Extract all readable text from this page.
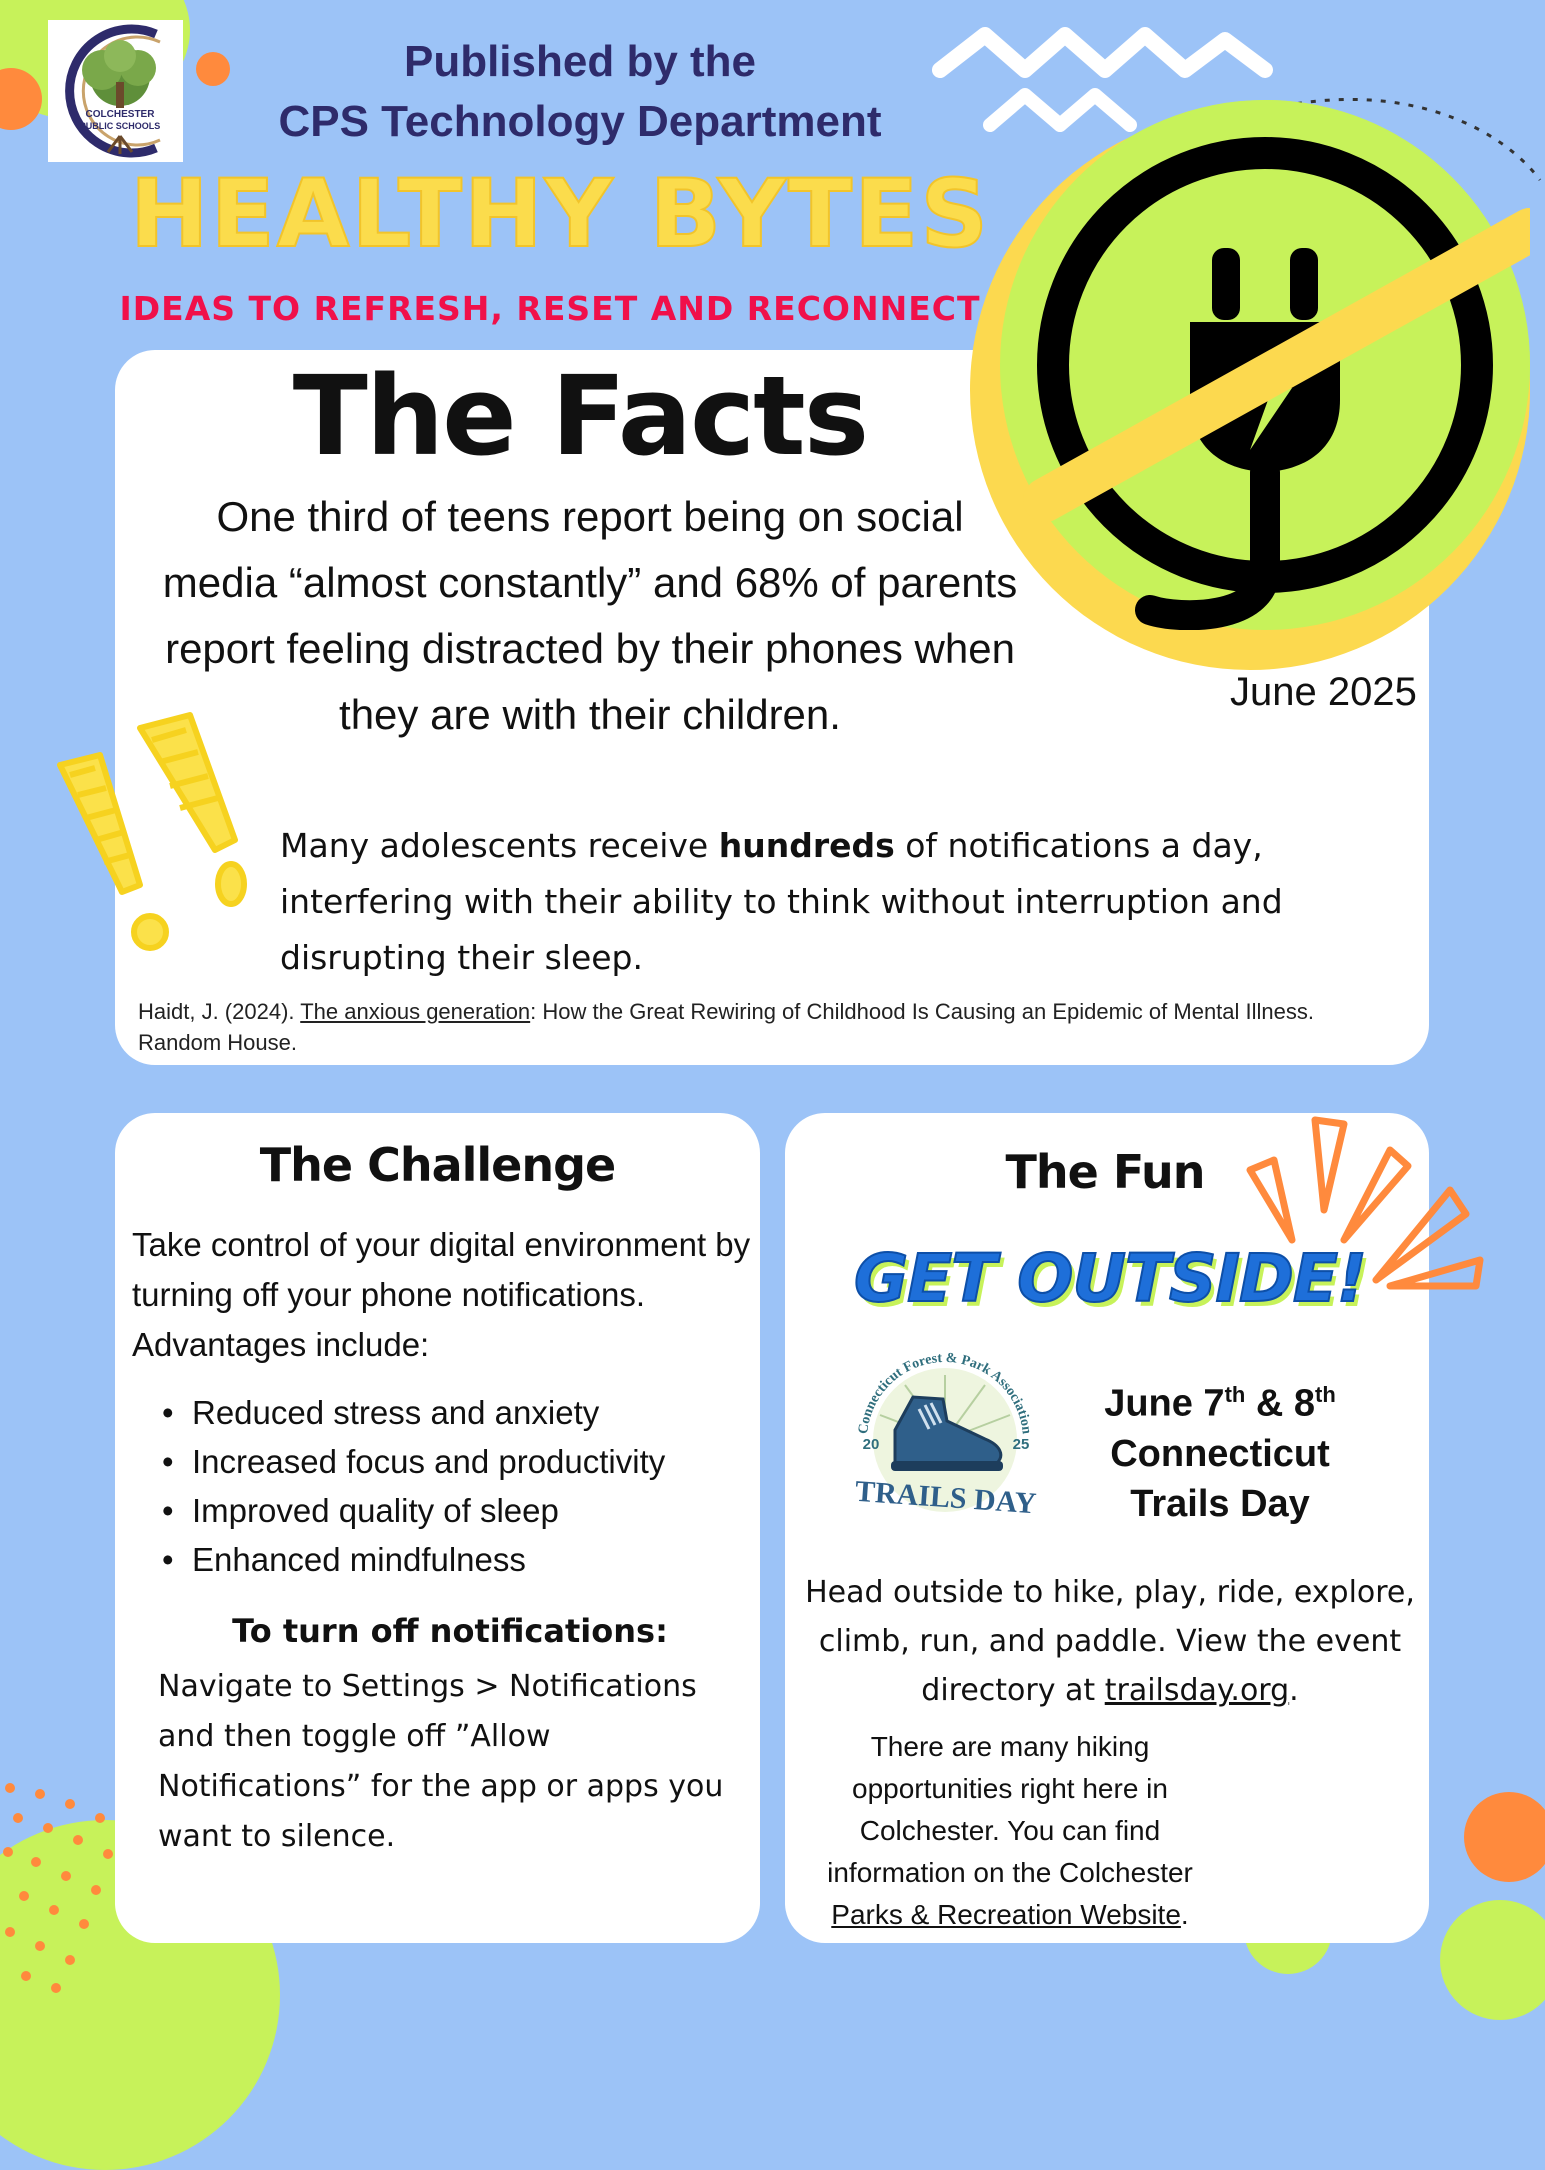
COLCHESTER
PUBLIC SCHOOLS
Published by the
CPS Technology Department
HEALTHY BYTES
IDEAS TO REFRESH, RESET AND RECONNECT
The Facts
One third of teens report being on social media “almost constantly” and 68% of parents report feeling distracted by their phones when they are with their children.	June 2025
Many adolescents receive hundreds of notifications a day, interfering with their ability to think without interruption and disrupting their sleep.
Haidt, J. (2024). The anxious generation: How the Great Rewiring of Childhood Is Causing an Epidemic of Mental Illness. Random House.
The Challenge
Take control of your digital environment by turning off your phone notifications. Advantages include:
• Reduced stress and anxiety
• Increased focus and productivity
• Improved quality of sleep
• Enhanced mindfulness
To turn off notifications:
Navigate to Settings > Notifications and then toggle off ”Allow Notifications” for the app or apps you want to silence.
The Fun
GET OUTSIDE!
Connecticut Forest & Park Association
20	25
TRAILS DAY
June 7th & 8th
Connecticut
Trails Day
Head outside to hike, play, ride, explore, climb, run, and paddle. View the event directory at trailsday.org.
There are many hiking opportunities right here in Colchester. You can find information on the Colchester Parks & Recreation Website.
